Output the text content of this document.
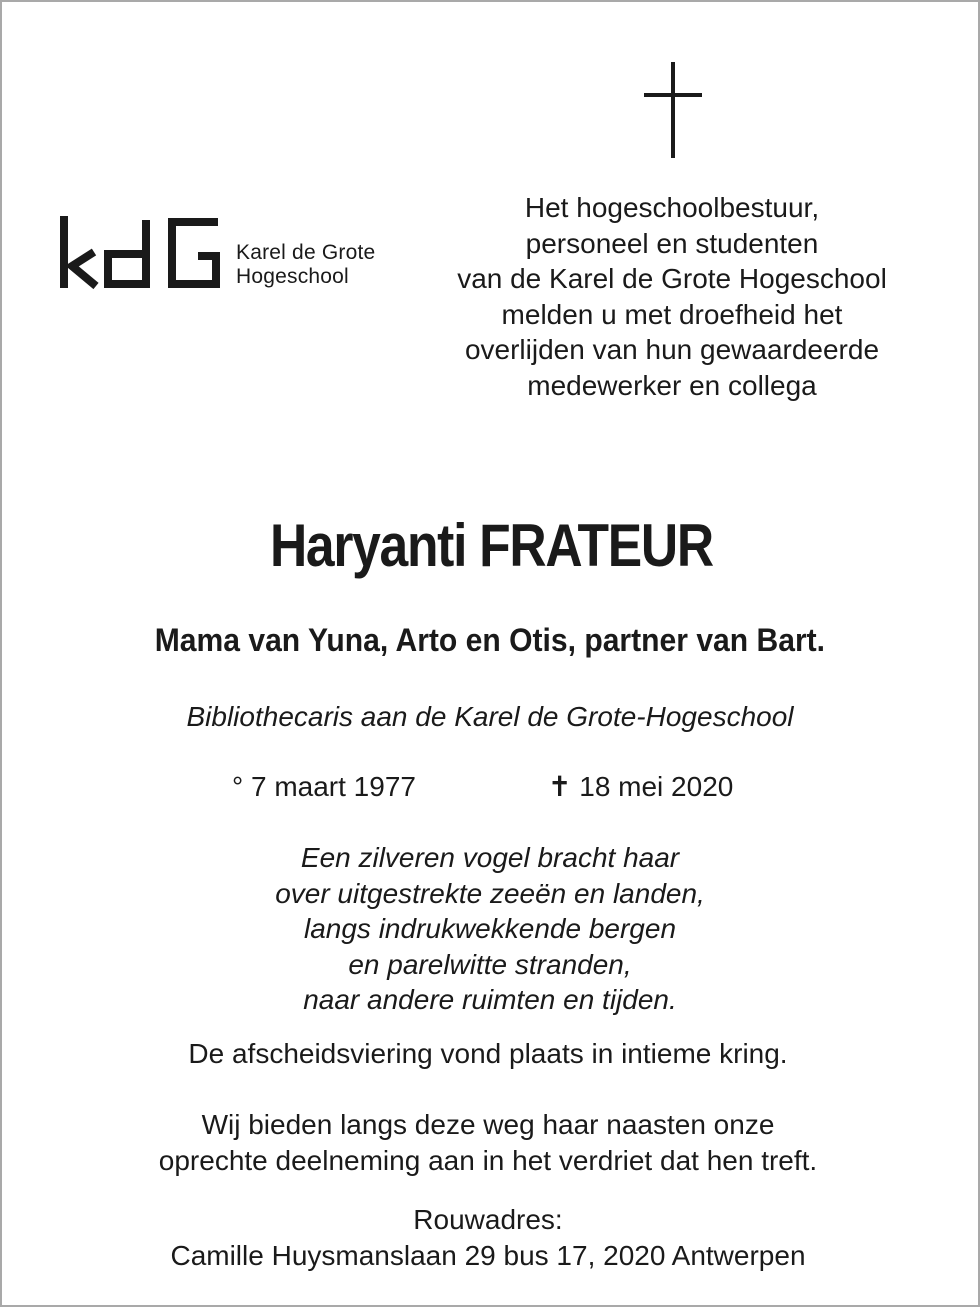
Karel de Grote
Hogeschool
Het hogeschoolbestuur,
personeel en studenten
van de Karel de Grote Hogeschool
melden u met droefheid het
overlijden van hun gewaardeerde
medewerker en collega
Haryanti FRATEUR
Mama van Yuna, Arto en Otis, partner van Bart.
Bibliothecaris aan de Karel de Grote-Hogeschool
° 7 maart 1977	✝ 18 mei 2020
Een zilveren vogel bracht haar
over uitgestrekte zeeën en landen,
langs indrukwekkende bergen
en parelwitte stranden,
naar andere ruimten en tijden.
De afscheidsviering vond plaats in intieme kring.
Wij bieden langs deze weg haar naasten onze
oprechte deelneming aan in het verdriet dat hen treft.
Rouwadres:
Camille Huysmanslaan 29 bus 17, 2020 Antwerpen
